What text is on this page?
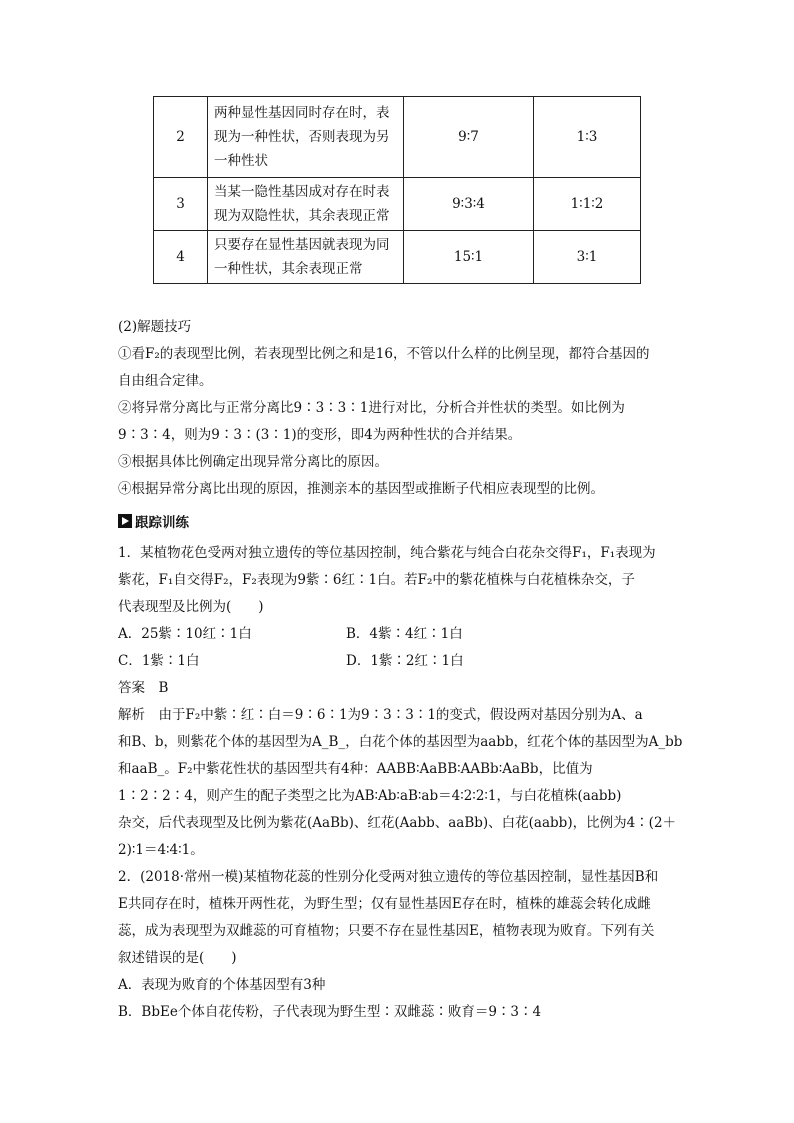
2	两种显性基因同时存在时，表现为一种性状，否则表现为另一种性状	9∶7	1∶3
3	当某一隐性基因成对存在时表现为双隐性状，其余表现正常	9∶3∶4	1∶1∶2
4	只要存在显性基因就表现为同一种性状，其余表现正常	15∶1	3∶1
(2)解题技巧
①看F₂的表现型比例，若表现型比例之和是16，不管以什么样的比例呈现，都符合基因的
自由组合定律。
②将异常分离比与正常分离比9∶3∶3∶1进行对比，分析合并性状的类型。如比例为
9∶3∶4，则为9∶3∶(3∶1)的变形，即4为两种性状的合并结果。
③根据具体比例确定出现异常分离比的原因。
④根据异常分离比出现的原因，推测亲本的基因型或推断子代相应表现型的比例。
跟踪训练
1．某植物花色受两对独立遗传的等位基因控制，纯合紫花与纯合白花杂交得F₁，F₁表现为
紫花，F₁自交得F₂，F₂表现为9紫∶6红∶1白。若F₂中的紫花植株与白花植株杂交，子
代表现型及比例为(　　)
A．25紫∶10红∶1白	B．4紫∶4红∶1白
C．1紫∶1白	D．1紫∶2红∶1白
答案　B
解析　由于F₂中紫∶红∶白＝9∶6∶1为9∶3∶3∶1的变式，假设两对基因分别为A、a
和B、b，则紫花个体的基因型为A_B_，白花个体的基因型为aabb，红花个体的基因型为A_bb
和aaB_。F₂中紫花性状的基因型共有4种：AABB∶AaBB∶AABb∶AaBb，比值为
1∶2∶2∶4，则产生的配子类型之比为AB∶Ab∶aB∶ab＝4∶2∶2∶1，与白花植株(aabb)
杂交，后代表现型及比例为紫花(AaBb)、红花(Aabb、aaBb)、白花(aabb)，比例为4∶(2＋
2)∶1＝4∶4∶1。
2．(2018·常州一模)某植物花蕊的性别分化受两对独立遗传的等位基因控制，显性基因B和
E共同存在时，植株开两性花，为野生型；仅有显性基因E存在时，植株的雄蕊会转化成雌
蕊，成为表现型为双雌蕊的可育植物；只要不存在显性基因E，植物表现为败育。下列有关
叙述错误的是(　　)
A．表现为败育的个体基因型有3种
B．BbEe个体自花传粉，子代表现为野生型∶双雌蕊∶败育＝9∶3∶4
